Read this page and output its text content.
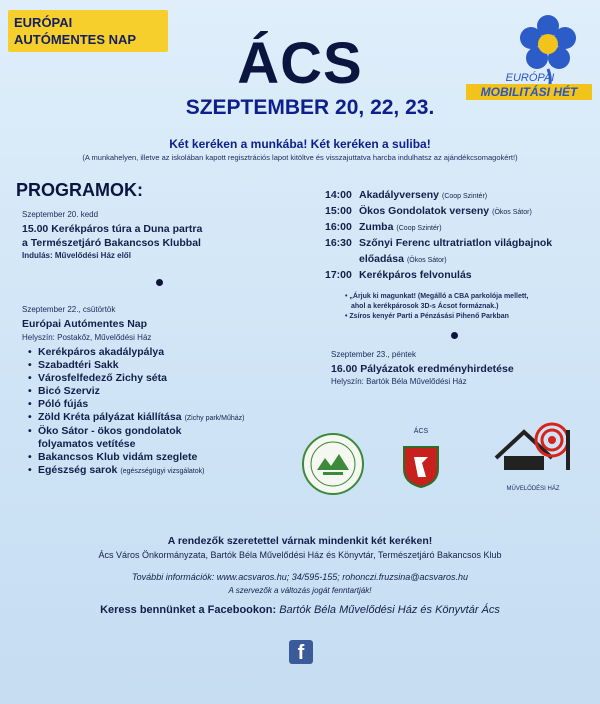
EURÓPAI
AUTÓMENTES NAP	ÁCS
SZEPTEMBER 20, 22, 23.
EURÓPAI
MOBILITÁSI HÉT
Két keréken a munkába! Két keréken a suliba!
(A munkahelyen, illetve az iskolában kapott regisztrációs lapot kitöltve és visszajuttatva harcba indulhatsz az ajándékcsomagokért!)
PROGRAMOK:
Szeptember 20. kedd
15.00 Kerékpáros túra a Duna partra
a Természetjáró Bakancsos Klubbal
Indulás: Művelődési Ház elől
Szeptember 22., csütörtök
Európai Autómentes Nap
Helyszín: Postakőz, Művelődési Ház
• Kerékpáros akadálypálya
• Szabadtéri Sakk
• Városfelfedező Zichy séta
• Bicó Szerviz
• Póló fújás
• Zöld Kréta pályázat kiállítása (Zichy park/Műház)
• Öko Sátor - ökos gondolatok
folyamatos vetítése
• Bakancsos Klub vidám szeglete
• Egészség sarok (egészségügyi vizsgálatok)
14:00 Akadályverseny (Coop Szintér)
15:00 Ökos Gondolatok verseny (Ökos Sátor)
16:00 Zumba (Coop Szintér)
16:30 Szőnyi Ferenc ultratriatlon világbajnok
előadása (Ökos Sátor)
17:00 Kerékpáros felvonulás
• „Árjuk ki magunkat! (Megálló a CBA parkolója mellett,
ahol a kerékpárosok 3D-s Ácsot formáznak.)
• Zsíros kenyér Parti a Pénzásási Pihenő Parkban
Szeptember 23., péntek
16.00 Pályázatok eredményhirdetése
Helyszín: Bartók Béla Művelődési Ház
ÁCS
MŰVELŐDÉSI HÁZ
A rendezők szeretettel várnak mindenkit két keréken!
Ács Város Önkormányzata, Bartók Béla Művelődési Ház és Könyvtár, Természetjáró Bakancsos Klub
További információk: www.acsvaros.hu; 34/595-155; rohonczi.fruzsina@acsvaros.hu
A szervezők a változás jogát fenntartják!
Keress bennünket a Facebookon: Bartók Béla Művelődési Ház és Könyvtár Ács
f
